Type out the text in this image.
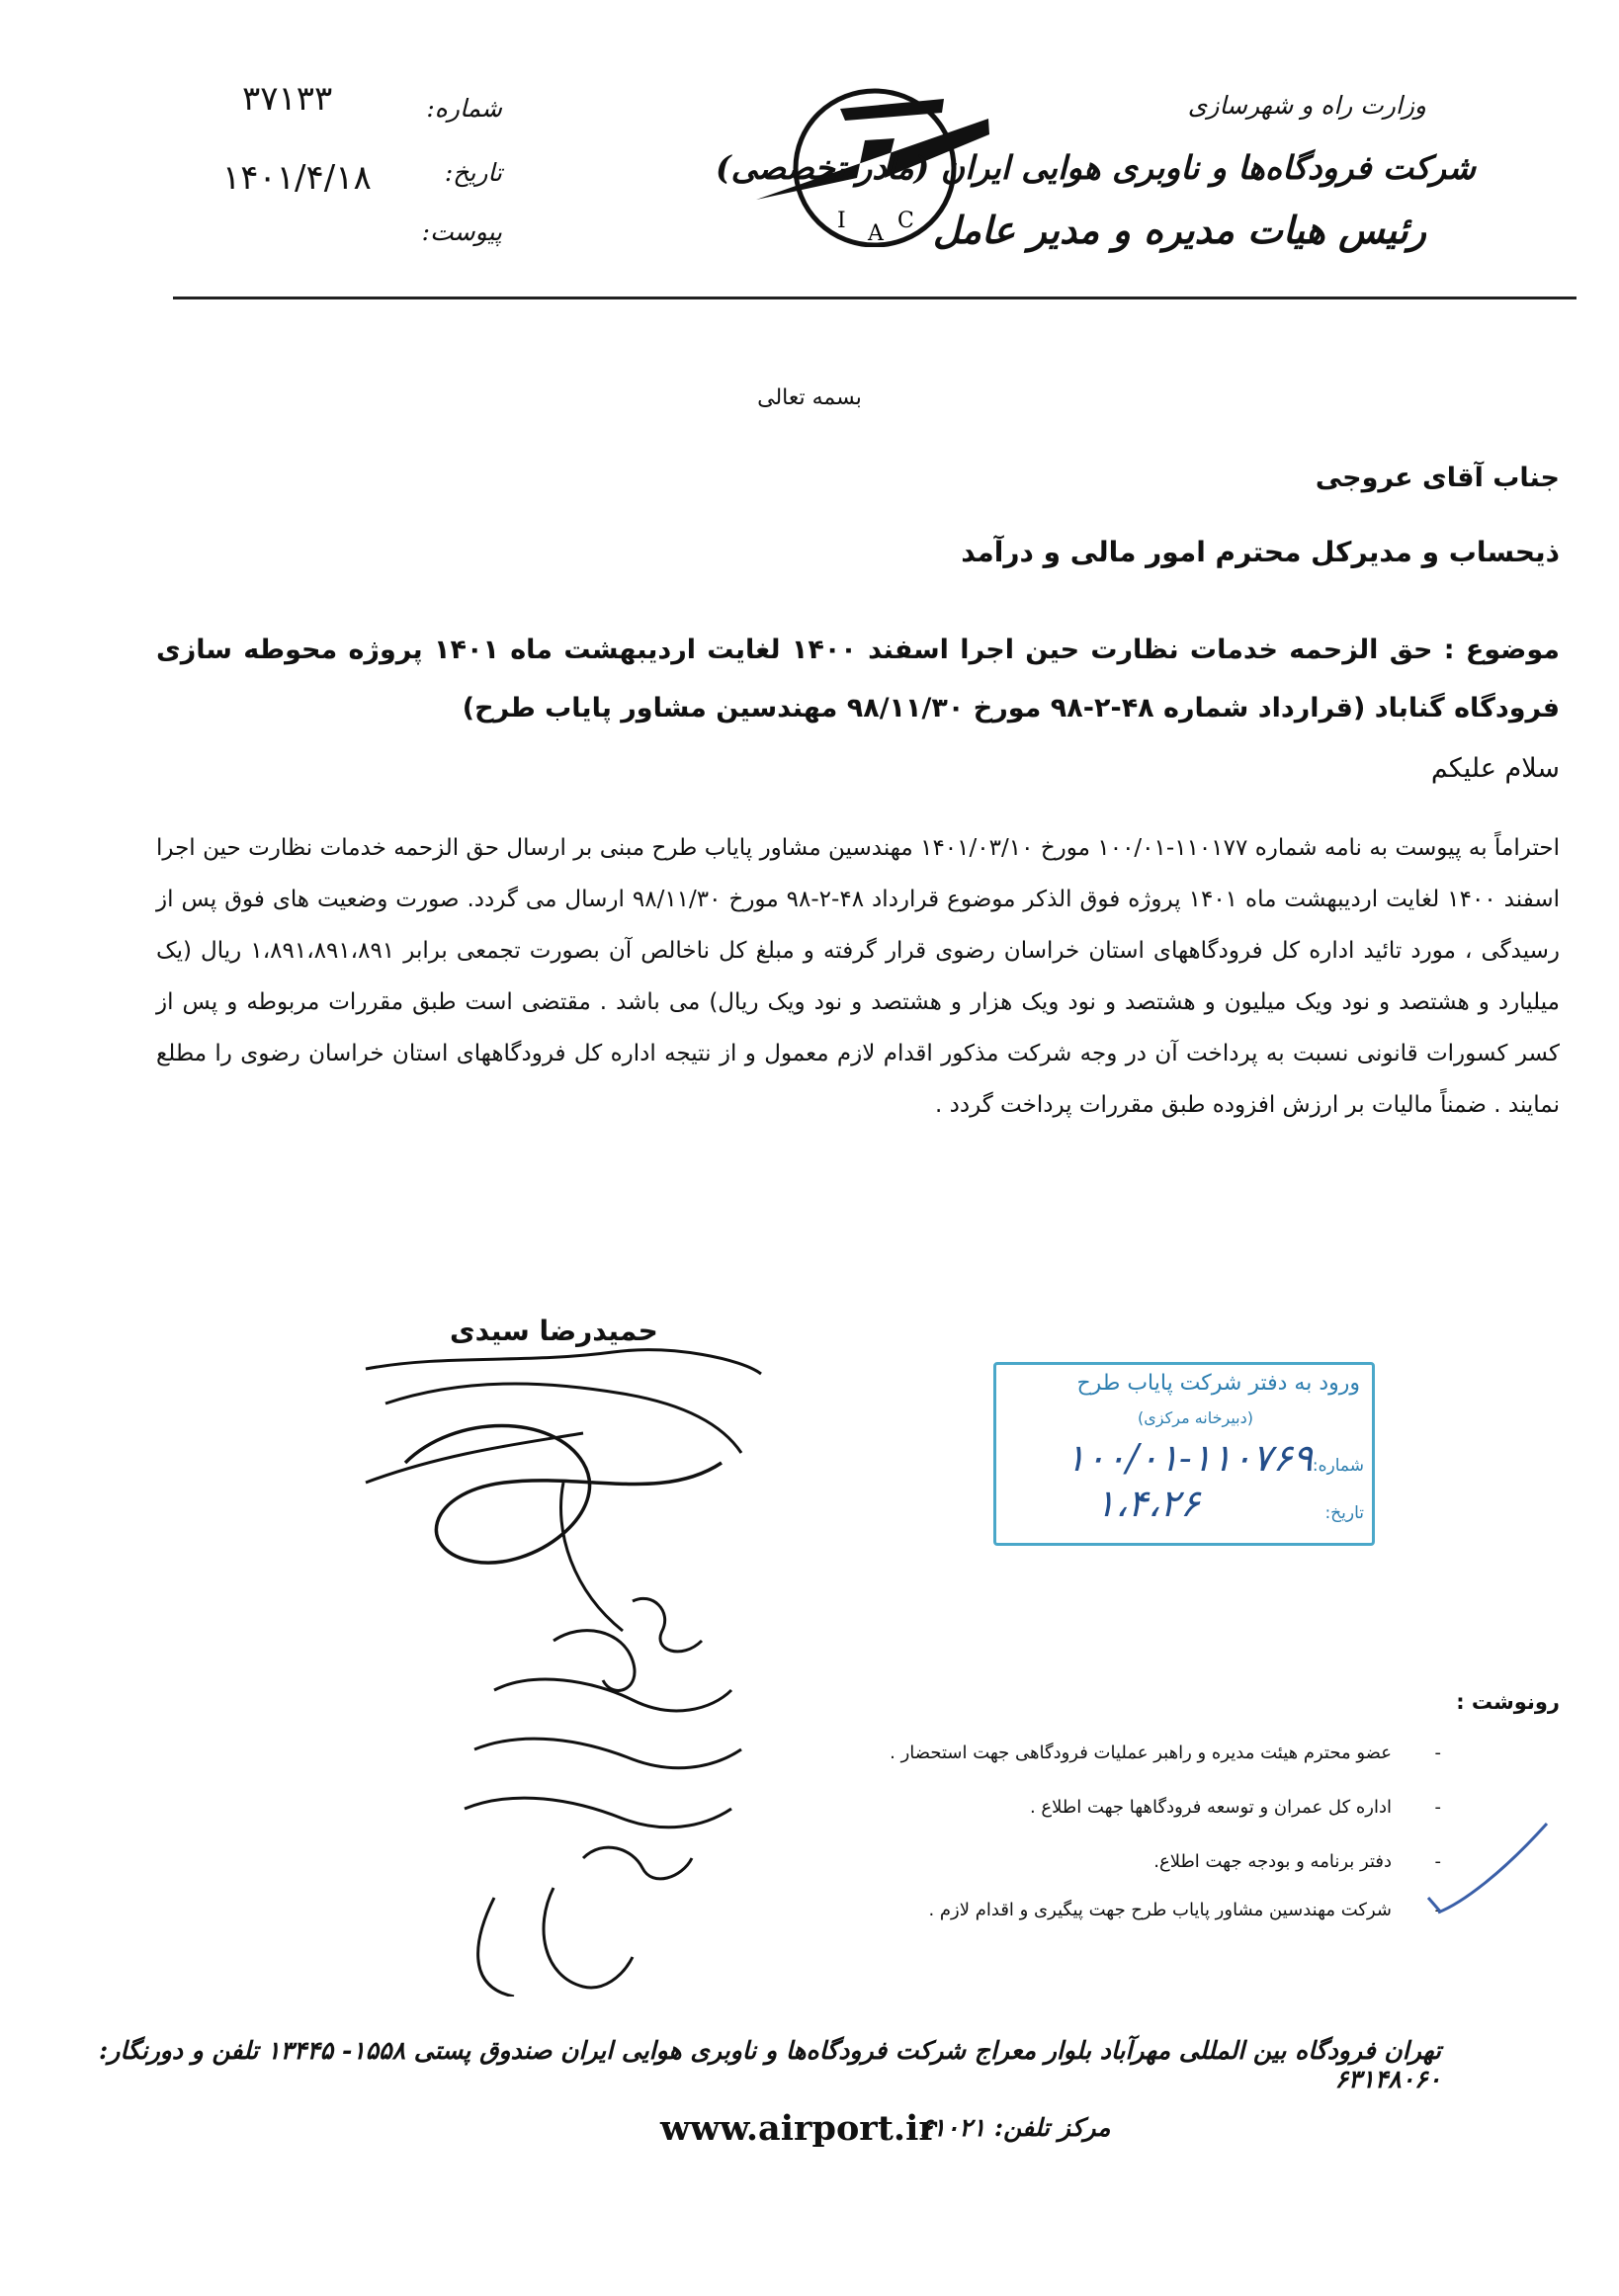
I
A
C
وزارت راه و شهرسازی
شرکت فرودگاه‌ها و ناوبری هوایی ایران (مادر تخصصی)
رئیس هیات مدیره و مدیر عامل
شماره:
۳۷۱۳۳
تاریخ:
۱۴۰۱/۴/۱۸
پیوست:
بسمه تعالی
جناب آقای عروجی
ذیحساب و مدیرکل محترم امور مالی و درآمد
موضوع : حق الزحمه خدمات نظارت حین اجرا اسفند ۱۴۰۰ لغایت اردیبهشت ماه ۱۴۰۱ پروژه محوطه سازی فرودگاه گناباد (قرارداد شماره ۴۸-۲-۹۸ مورخ ۹۸/۱۱/۳۰ مهندسین مشاور پایاب طرح)
سلام علیکم
احتراماً به پیوست به نامه شماره ۱۱۰۱۷۷-۱۰۰/۰۱ مورخ ۱۴۰۱/۰۳/۱۰ مهندسین مشاور پایاب طرح مبنی بر ارسال حق الزحمه خدمات نظارت حین اجرا اسفند ۱۴۰۰ لغایت اردیبهشت ماه ۱۴۰۱ پروژه فوق الذکر موضوع قرارداد ۴۸-۲-۹۸ مورخ ۹۸/۱۱/۳۰ ارسال می گردد. صورت وضعیت های فوق پس از رسیدگی ، مورد تائید اداره کل فرودگاههای استان خراسان رضوی قرار گرفته و مبلغ کل ناخالص آن بصورت تجمعی برابر ۱،۸۹۱،۸۹۱،۸۹۱ ریال (یک میلیارد و هشتصد و نود ویک میلیون و هشتصد و نود ویک هزار و هشتصد و نود ویک ریال) می باشد . مقتضی است طبق مقررات مربوطه و پس از کسر کسورات قانونی نسبت به پرداخت آن در وجه شرکت مذکور اقدام لازم معمول و از نتیجه اداره کل فرودگاههای استان خراسان رضوی را مطلع نمایند . ضمناً مالیات بر ارزش افزوده طبق مقررات پرداخت گردد .
حمیدرضا سیدی
ورود به دفتر شرکت پایاب طرح
(دبیرخانه مرکزی)
شماره:
۱۰۰/۰۱-۱۱۰۷۶۹
تاریخ:
۱،۴،۲۶
رونوشت :
-
عضو محترم هیئت مدیره و راهبر عملیات فرودگاهی جهت استحضار .
-
اداره کل عمران و توسعه فرودگاهها جهت اطلاع .
-
دفتر برنامه و بودجه جهت اطلاع.
-
شرکت مهندسین مشاور پایاب طرح جهت پیگیری و اقدام لازم .
تهران فرودگاه بین المللی مهرآباد بلوار معراج شرکت فرودگاه‌ها و ناوبری هوایی ایران صندوق پستی ۱۵۵۸- ۱۳۴۴۵ تلفن و دورنگار: ۶۳۱۴۸۰۶۰
www.airport.ir
مرکز تلفن: ۶۱۰۲۱
